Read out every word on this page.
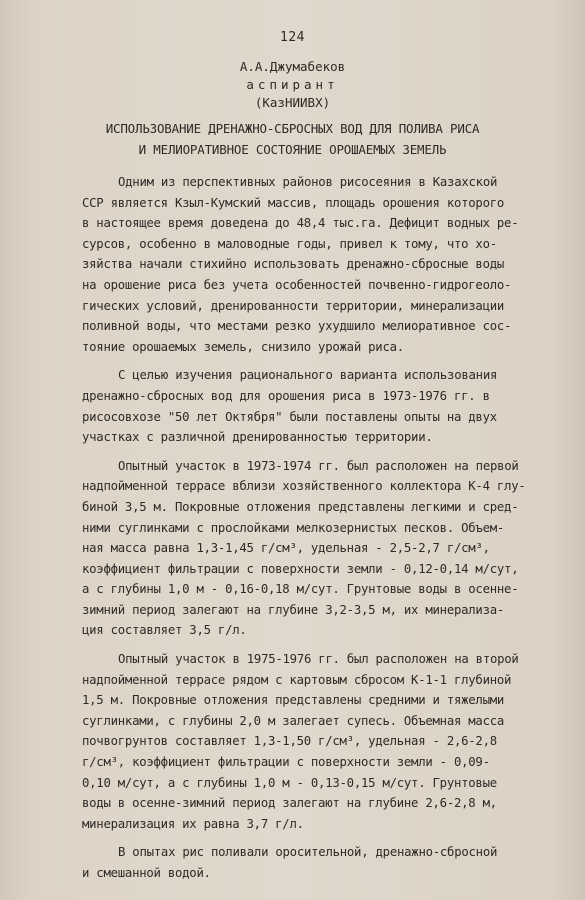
124
А.А.Джумабеков
аспирант
(КазНИИВХ)
ИСПОЛЬЗОВАНИЕ ДРЕНАЖНО-СБРОСНЫХ ВОД ДЛЯ ПОЛИВА РИСА
И МЕЛИОРАТИВНОЕ СОСТОЯНИЕ ОРОШАЕМЫХ ЗЕМЕЛЬ
Одним из перспективных районов рисосеяния в Казахской
ССР является Кзыл-Кумский массив, площадь орошения которого
в настоящее время доведена до 48,4 тыс.га. Дефицит водных ре-
сурсов, особенно в маловодные годы, привел к тому, что хо-
зяйства начали стихийно использовать дренажно-сбросные воды
на орошение риса без учета особенностей почвенно-гидрогеоло-
гических условий, дренированности территории, минерализации
поливной воды, что местами резко ухудшило мелиоративное сос-
тояние орошаемых земель, снизило урожай риса.
С целью изучения рационального варианта использования
дренажно-сбросных вод для орошения риса в 1973-1976 гг. в
рисосовхозе "50 лет Октября" были поставлены опыты на двух
участках с различной дренированностью территории.
Опытный участок в 1973-1974 гг. был расположен на первой
надпойменной террасе вблизи хозяйственного коллектора К-4 глу-
биной 3,5 м. Покровные отложения представлены легкими и сред-
ними суглинками с прослойками мелкозернистых песков. Объем-
ная масса равна 1,3-1,45 г/см³, удельная - 2,5-2,7 г/см³,
коэффициент фильтрации с поверхности земли - 0,12-0,14 м/сут,
а с глубины 1,0 м - 0,16-0,18 м/сут. Грунтовые воды в осенне-
зимний период залегают на глубине 3,2-3,5 м, их минерализа-
ция составляет 3,5 г/л.
Опытный участок в 1975-1976 гг. был расположен на второй
надпойменной террасе рядом с картовым сбросом К-1-1 глубиной
1,5 м. Покровные отложения представлены средними и тяжелыми
суглинками, с глубины 2,0 м залегает супесь. Объемная масса
почвогрунтов составляет 1,3-1,50 г/см³, удельная - 2,6-2,8
г/см³, коэффициент фильтрации с поверхности земли - 0,09-
0,10 м/сут, а с глубины 1,0 м - 0,13-0,15 м/сут. Грунтовые
воды в осенне-зимний период залегают на глубине 2,6-2,8 м,
минерализация их равна 3,7 г/л.
В опытах рис поливали оросительной, дренажно-сбросной
и смешанной водой.
